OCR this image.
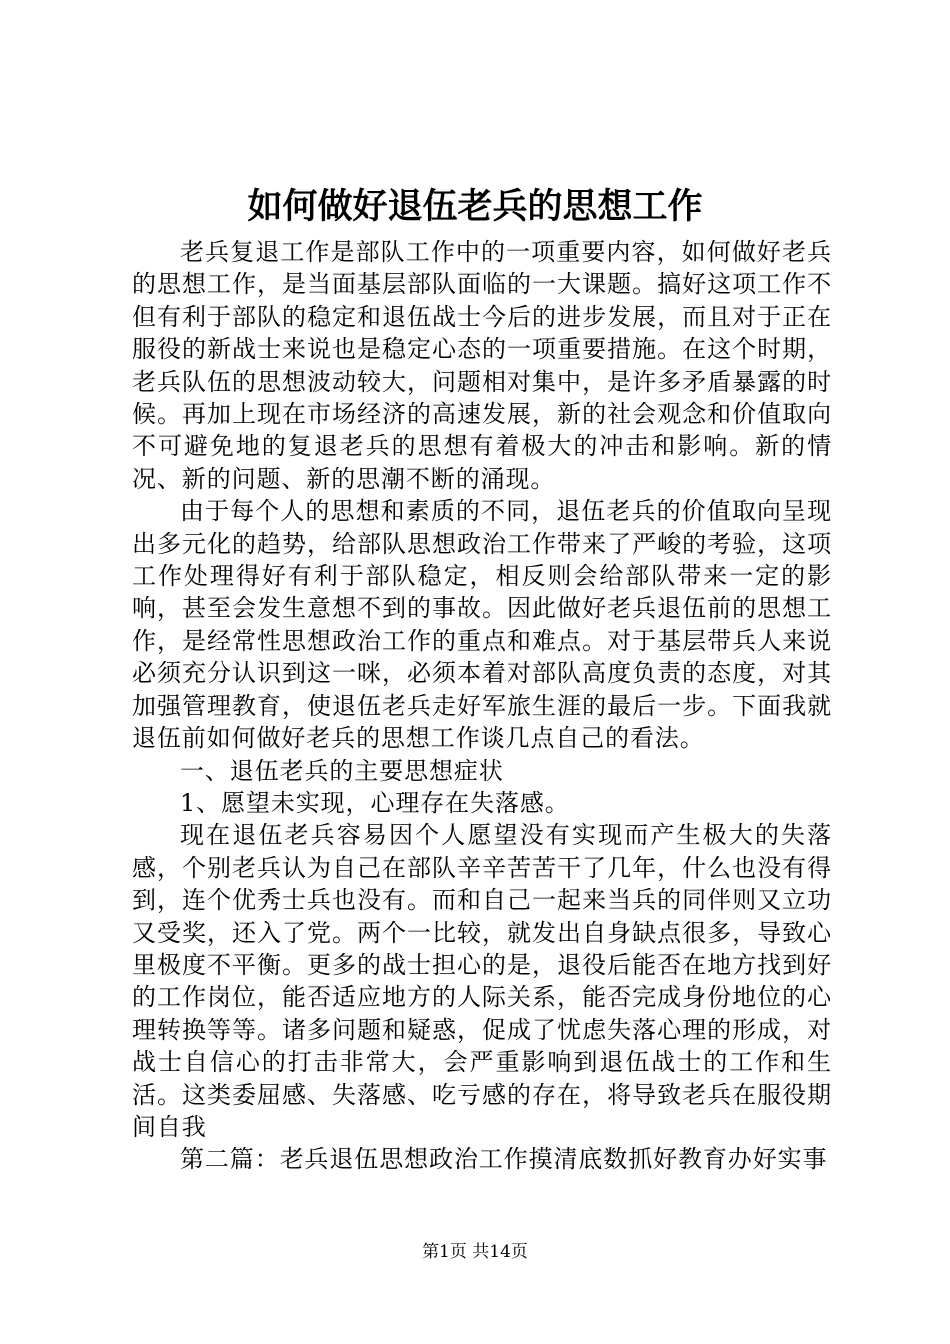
如何做好退伍老兵的思想工作

老兵复退工作是部队工作中的一项重要内容，如何做好老兵的思想工作，是当面基层部队面临的一大课题。搞好这项工作不但有利于部队的稳定和退伍战士今后的进步发展，而且对于正在服役的新战士来说也是稳定心态的一项重要措施。在这个时期，老兵队伍的思想波动较大，问题相对集中，是许多矛盾暴露的时候。再加上现在市场经济的高速发展，新的社会观念和价值取向不可避免地的复退老兵的思想有着极大的冲击和影响。新的情况、新的问题、新的思潮不断的涌现。

由于每个人的思想和素质的不同，退伍老兵的价值取向呈现出多元化的趋势，给部队思想政治工作带来了严峻的考验，这项工作处理得好有利于部队稳定，相反则会给部队带来一定的影响，甚至会发生意想不到的事故。因此做好老兵退伍前的思想工作，是经常性思想政治工作的重点和难点。对于基层带兵人来说必须充分认识到这一咪，必须本着对部队高度负责的态度，对其加强管理教育，使退伍老兵走好军旅生涯的最后一步。下面我就退伍前如何做好老兵的思想工作谈几点自己的看法。

一、退伍老兵的主要思想症状

1、愿望未实现，心理存在失落感。

现在退伍老兵容易因个人愿望没有实现而产生极大的失落感，个别老兵认为自己在部队辛辛苦苦干了几年，什么也没有得到，连个优秀士兵也没有。而和自己一起来当兵的同伴则又立功又受奖，还入了党。两个一比较，就发出自身缺点很多，导致心里极度不平衡。更多的战士担心的是，退役后能否在地方找到好的工作岗位，能否适应地方的人际关系，能否完成身份地位的心理转换等等。诸多问题和疑惑，促成了忧虑失落心理的形成，对战士自信心的打击非常大，会严重影响到退伍战士的工作和生活。这类委屈感、失落感、吃亏感的存在，将导致老兵在服役期间自我

第二篇：老兵退伍思想政治工作摸清底数抓好教育办好实事

第1页 共14页
